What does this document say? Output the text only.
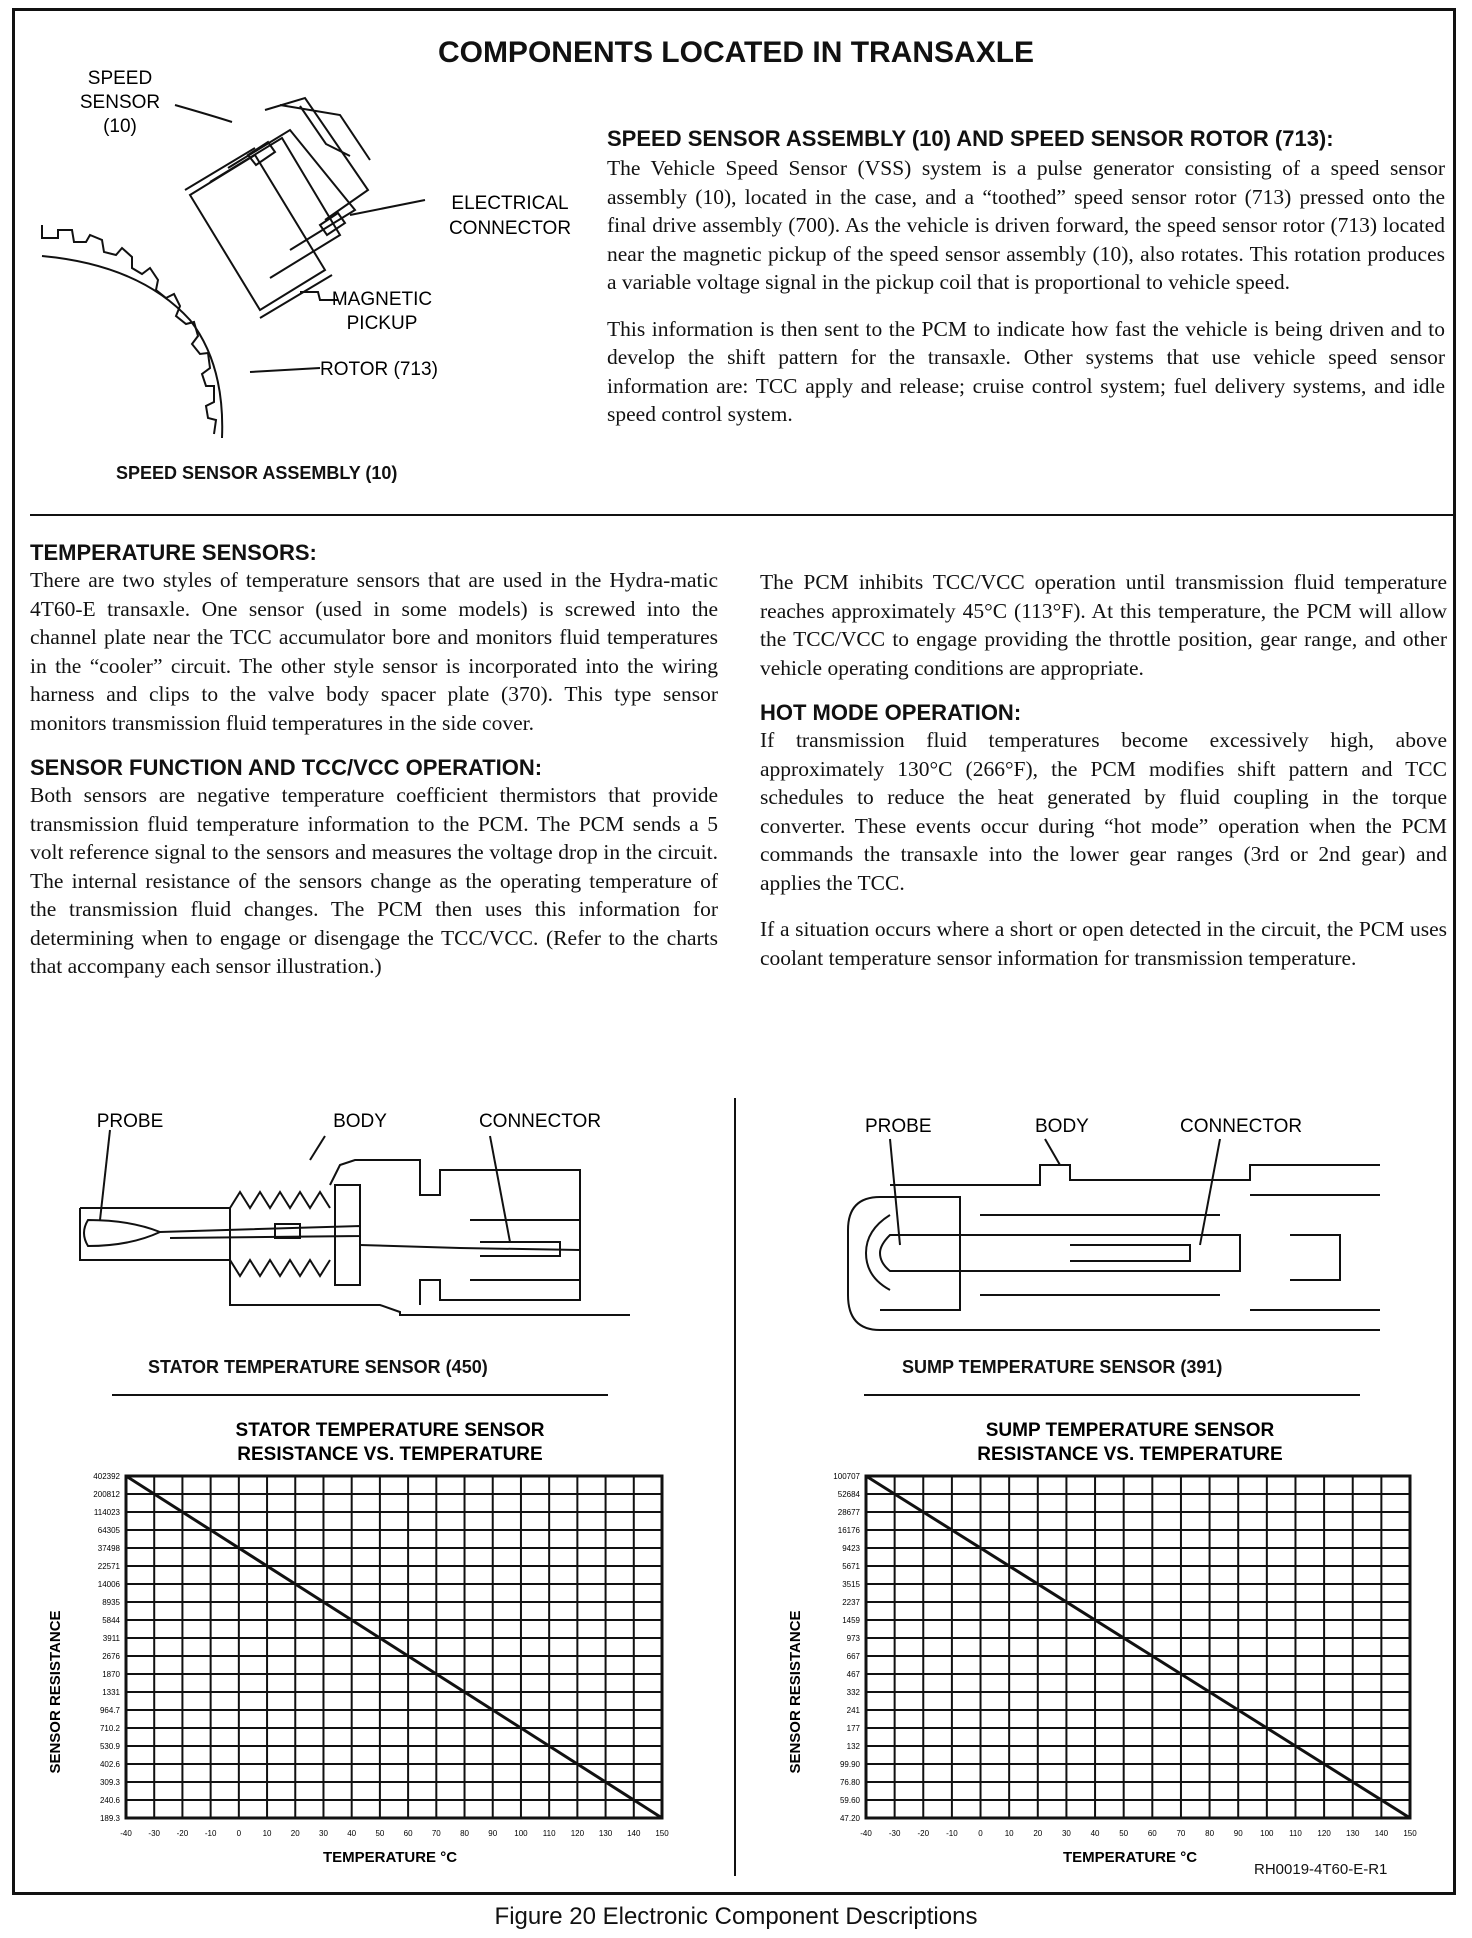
COMPONENTS LOCATED IN TRANSAXLE
SPEED
SENSOR
(10)
ELECTRICAL
CONNECTOR
MAGNETIC
PICKUP
ROTOR (713)
SPEED SENSOR ASSEMBLY (10)
SPEED SENSOR ASSEMBLY (10) AND SPEED SENSOR ROTOR (713):

The Vehicle Speed Sensor (VSS) system is a pulse generator consisting of a speed sensor assembly (10), located in the case, and a “toothed” speed sensor rotor (713) pressed onto the final drive assembly (700). As the vehicle is driven forward, the speed sensor rotor (713) located near the magnetic pickup of the speed sensor assembly (10), also rotates. This rotation produces a variable voltage signal in the pickup coil that is proportional to vehicle speed.

This information is then sent to the PCM to indicate how fast the vehicle is being driven and to develop the shift pattern for the transaxle. Other systems that use vehicle speed sensor information are: TCC apply and release; cruise control system; fuel delivery systems, and idle speed control system.

TEMPERATURE SENSORS:

There are two styles of temperature sensors that are used in the Hydra-matic 4T60-E transaxle. One sensor (used in some models) is screwed into the channel plate near the TCC accumulator bore and monitors fluid temperatures in the “cooler” circuit. The other style sensor is incorporated into the wiring harness and clips to the valve body spacer plate (370). This type sensor monitors transmission fluid temperatures in the side cover.

SENSOR FUNCTION AND TCC/VCC OPERATION:

Both sensors are negative temperature coefficient thermistors that provide transmission fluid temperature information to the PCM. The PCM sends a 5 volt reference signal to the sensors and measures the voltage drop in the circuit. The internal resistance of the sensors change as the operating temperature of the transmission fluid changes. The PCM then uses this information for determining when to engage or disengage the TCC/VCC. (Refer to the charts that accompany each sensor illustration.)

The PCM inhibits TCC/VCC operation until transmission fluid temperature reaches approximately 45°C (113°F). At this temperature, the PCM will allow the TCC/VCC to engage providing the throttle position, gear range, and other vehicle operating conditions are appropriate.

HOT MODE OPERATION:

If transmission fluid temperatures become excessively high, above approximately 130°C (266°F), the PCM modifies shift pattern and TCC schedules to reduce the heat generated by fluid coupling in the torque converter. These events occur during “hot mode” operation when the PCM commands the transaxle into the lower gear ranges (3rd or 2nd gear) and applies the TCC.

If a situation occurs where a short or open detected in the circuit, the PCM uses coolant temperature sensor information for transmission temperature.

PROBE	BODY	CONNECTOR
STATOR TEMPERATURE SENSOR (450)
PROBE	BODY	CONNECTOR
SUMP TEMPERATURE SENSOR (391)
STATOR TEMPERATURE SENSOR
RESISTANCE VS. TEMPERATURE
SENSOR RESISTANCE
TEMPERATURE °C
-40 -30 -20 -10	0	10 20 30 40 50 60 70 80 90 100 110 120 130 140 150
402392
200812
114023
64305
37498
22571
14006
8935
5844
3911
2676
1870
1331
964.7
710.2
530.9
402.6
309.3
240.6
189.3
SUMP TEMPERATURE SENSOR
RESISTANCE VS. TEMPERATURE
SENSOR RESISTANCE
TEMPERATURE °C
-40 -30 -20 -10	0	10 20 30 40 50 60 70 80 90 100 110 120 130 140 150
100707
52684
28677
16176
9423
5671
3515
2237
1459
973
667
467
332
241
177
132
99.90
76.80
59.60
47.20
RH0019-4T60-E-R1
Figure 20 Electronic Component Descriptions
